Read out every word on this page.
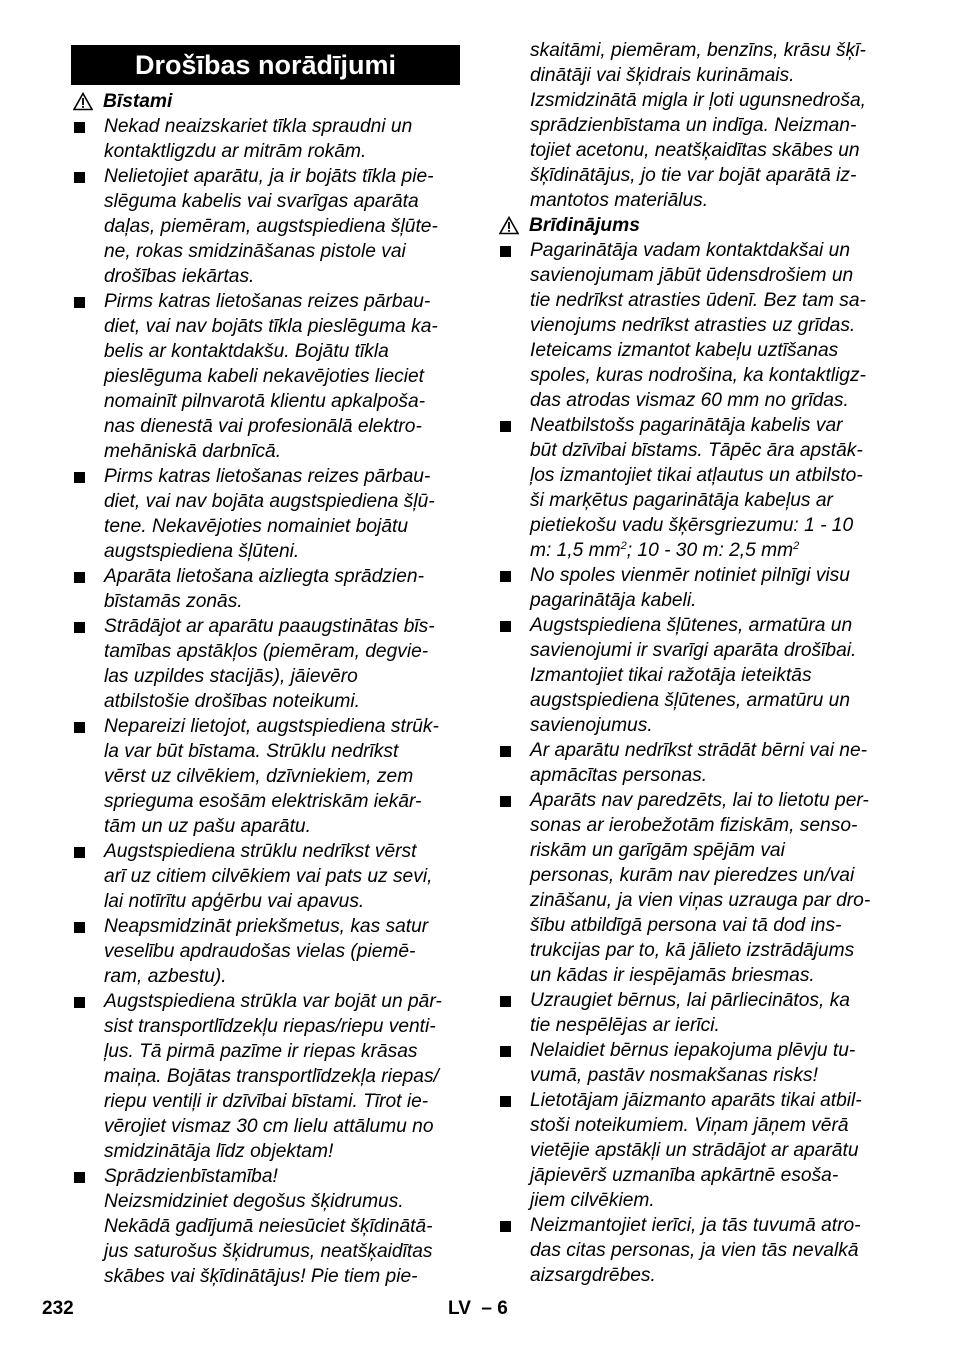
Drošības norādījumi
Bīstami
Nekad neaizskariet tīkla spraudni un
kontaktligzdu ar mitrām rokām.
Nelietojiet aparātu, ja ir bojāts tīkla pie-
slēguma kabelis vai svarīgas aparāta
daļas, piemēram, augstspiediena šļūte-
ne, rokas smidzināšanas pistole vai
drošības iekārtas.
Pirms katras lietošanas reizes pārbau-
diet, vai nav bojāts tīkla pieslēguma ka-
belis ar kontaktdakšu. Bojātu tīkla
pieslēguma kabeli nekavējoties lieciet
nomainīt pilnvarotā klientu apkalpoša-
nas dienestā vai profesionālā elektro-
mehāniskā darbnīcā.
Pirms katras lietošanas reizes pārbau-
diet, vai nav bojāta augstspiediena šļū-
tene. Nekavējoties nomainiet bojātu
augstspiediena šļūteni.
Aparāta lietošana aizliegta sprādzien-
bīstamās zonās.
Strādājot ar aparātu paaugstinātas bīs-
tamības apstākļos (piemēram, degvie-
las uzpildes stacijās), jāievēro
atbilstošie drošības noteikumi.
Nepareizi lietojot, augstspiediena strūk-
la var būt bīstama. Strūklu nedrīkst
vērst uz cilvēkiem, dzīvniekiem, zem
sprieguma esošām elektriskām iekār-
tām un uz pašu aparātu.
Augstspiediena strūklu nedrīkst vērst
arī uz citiem cilvēkiem vai pats uz sevi,
lai notīrītu apģērbu vai apavus.
Neapsmidzināt priekšmetus, kas satur
veselību apdraudošas vielas (piemē-
ram, azbestu).
Augstspiediena strūkla var bojāt un pār-
sist transportlīdzekļu riepas/riepu venti-
ļus. Tā pirmā pazīme ir riepas krāsas
maiņa. Bojātas transportlīdzekļa riepas/
riepu ventiļi ir dzīvībai bīstami. Tīrot ie-
vērojiet vismaz 30 cm lielu attālumu no
smidzinātāja līdz objektam!
Sprādzienbīstamība!
Neizsmidziniet degošus šķidrumus.
Nekādā gadījumā neiesūciet šķīdinātā-
jus saturošus šķidrumus, neatšķaidītas
skābes vai šķīdinātājus! Pie tiem pie-
skaitāmi, piemēram, benzīns, krāsu šķī-
dinātāji vai šķidrais kurināmais.
Izsmidzinātā migla ir ļoti ugunsnedroša,
sprādzienbīstama un indīga. Neizman-
tojiet acetonu, neatšķaidītas skābes un
šķīdinātājus, jo tie var bojāt aparātā iz-
mantotos materiālus.
Brīdinājums
Pagarinātāja vadam kontaktdakšai un
savienojumam jābūt ūdensdrošiem un
tie nedrīkst atrasties ūdenī. Bez tam sa-
vienojums nedrīkst atrasties uz grīdas.
Ieteicams izmantot kabeļu uztīšanas
spoles, kuras nodrošina, ka kontaktligz-
das atrodas vismaz 60 mm no grīdas.
Neatbilstošs pagarinātāja kabelis var
būt dzīvībai bīstams. Tāpēc āra apstāk-
ļos izmantojiet tikai atļautus un atbilsto-
ši marķētus pagarinātāja kabeļus ar
pietiekošu vadu šķērsgriezumu: 1 - 10
m: 1,5 $mm^2$; 10 - 30 m: 2,5 $mm^2$
No spoles vienmēr notiniet pilnīgi visu
pagarinātāja kabeli.
Augstspiediena šļūtenes, armatūra un
savienojumi ir svarīgi aparāta drošībai.
Izmantojiet tikai ražotāja ieteiktās
augstspiediena šļūtenes, armatūru un
savienojumus.
Ar aparātu nedrīkst strādāt bērni vai ne-
apmācītas personas.
Aparāts nav paredzēts, lai to lietotu per-
sonas ar ierobežotām fiziskām, senso-
riskām un garīgām spējām vai
personas, kurām nav pieredzes un/vai
zināšanu, ja vien viņas uzrauga par dro-
šību atbildīgā persona vai tā dod ins-
trukcijas par to, kā jālieto izstrādājums
un kādas ir iespējamās briesmas.
Uzraugiet bērnus, lai pārliecinātos, ka
tie nespēlējas ar ierīci.
Nelaidiet bērnus iepakojuma plēvju tu-
vumā, pastāv nosmakšanas risks!
Lietotājam jāizmanto aparāts tikai atbil-
stoši noteikumiem. Viņam jāņem vērā
vietējie apstākļi un strādājot ar aparātu
jāpievērš uzmanība apkārtnē esoša-
jiem cilvēkiem.
Neizmantojiet ierīci, ja tās tuvumā atro-
das citas personas, ja vien tās nevalkā
aizsargdrēbes.
232	LV  – 6
